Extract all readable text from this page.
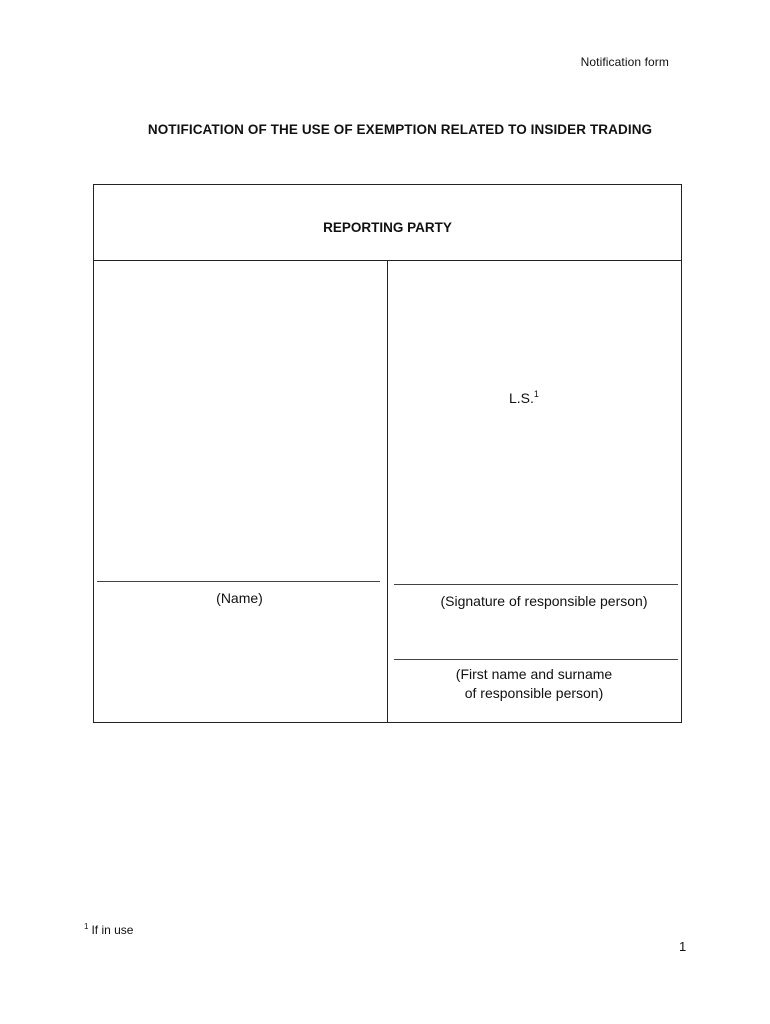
Notification form
NOTIFICATION OF THE USE OF EXEMPTION RELATED TO INSIDER TRADING
REPORTING PARTY
L.S.$^1$
(Name)	(Signature of responsible person)
(First name and surname
of responsible person)
$^1$ If in use
1
